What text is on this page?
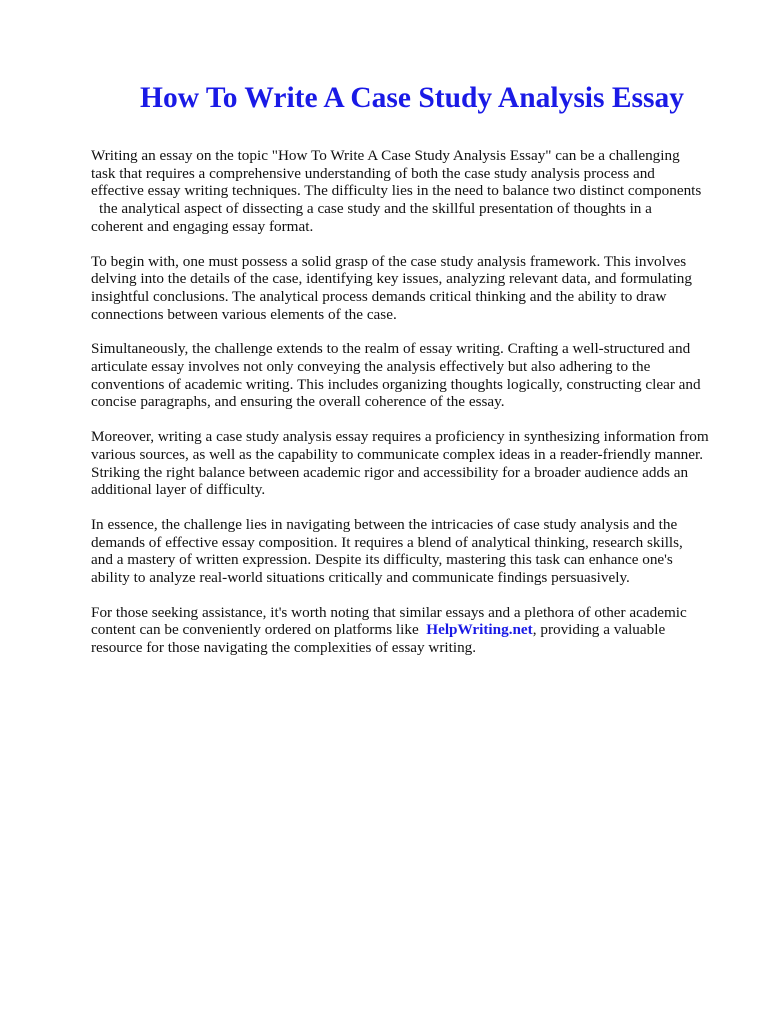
How To Write A Case Study Analysis Essay

Writing an essay on the topic "How To Write A Case Study Analysis Essay" can be a challenging
task that requires a comprehensive understanding of both the case study analysis process and
effective essay writing techniques. The difficulty lies in the need to balance two distinct components
the analytical aspect of dissecting a case study and the skillful presentation of thoughts in a
coherent and engaging essay format.

To begin with, one must possess a solid grasp of the case study analysis framework. This involves
delving into the details of the case, identifying key issues, analyzing relevant data, and formulating
insightful conclusions. The analytical process demands critical thinking and the ability to draw
connections between various elements of the case.

Simultaneously, the challenge extends to the realm of essay writing. Crafting a well-structured and
articulate essay involves not only conveying the analysis effectively but also adhering to the
conventions of academic writing. This includes organizing thoughts logically, constructing clear and
concise paragraphs, and ensuring the overall coherence of the essay.

Moreover, writing a case study analysis essay requires a proficiency in synthesizing information from
various sources, as well as the capability to communicate complex ideas in a reader-friendly manner.
Striking the right balance between academic rigor and accessibility for a broader audience adds an
additional layer of difficulty.

In essence, the challenge lies in navigating between the intricacies of case study analysis and the
demands of effective essay composition. It requires a blend of analytical thinking, research skills,
and a mastery of written expression. Despite its difficulty, mastering this task can enhance one's
ability to analyze real-world situations critically and communicate findings persuasively.

For those seeking assistance, it's worth noting that similar essays and a plethora of other academic
content can be conveniently ordered on platforms like HelpWriting.net, providing a valuable
resource for those navigating the complexities of essay writing.
